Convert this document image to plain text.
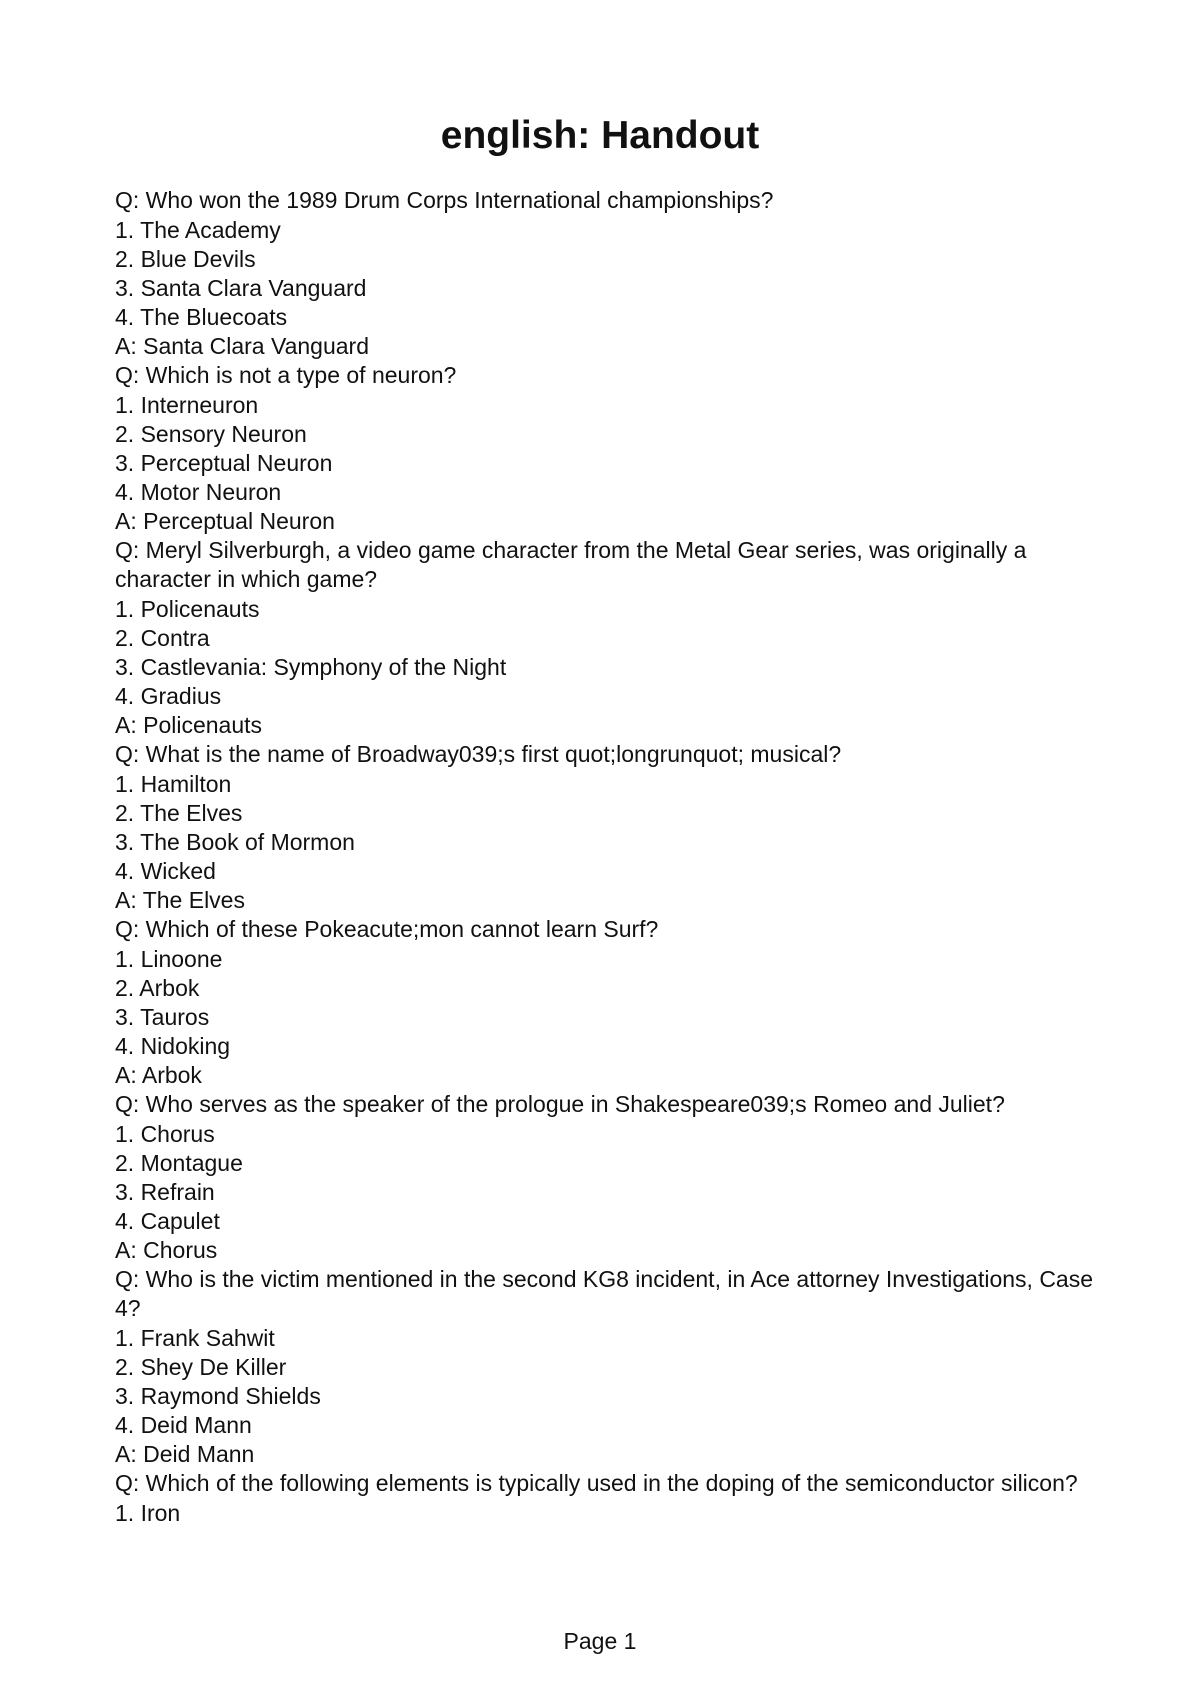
english: Handout
Q: Who won the 1989 Drum Corps International championships?
1. The Academy
2. Blue Devils
3. Santa Clara Vanguard
4. The Bluecoats
A: Santa Clara Vanguard
Q: Which is not a type of neuron?
1. Interneuron
2. Sensory Neuron
3. Perceptual Neuron
4. Motor Neuron
A: Perceptual Neuron
Q: Meryl Silverburgh, a video game character from the Metal Gear series, was originally a character in which game?
1. Policenauts
2. Contra
3. Castlevania: Symphony of the Night
4. Gradius
A: Policenauts
Q: What is the name of Broadway039;s first quot;longrunquot; musical?
1. Hamilton
2. The Elves
3. The Book of Mormon
4. Wicked
A: The Elves
Q: Which of these Pokeacute;mon cannot learn Surf?
1. Linoone
2. Arbok
3. Tauros
4. Nidoking
A: Arbok
Q: Who serves as the speaker of the prologue in Shakespeare039;s Romeo and Juliet?
1. Chorus
2. Montague
3. Refrain
4. Capulet
A: Chorus
Q: Who is the victim mentioned in the second KG8 incident, in Ace attorney Investigations, Case 4?
1. Frank Sahwit
2. Shey De Killer
3. Raymond Shields
4. Deid Mann
A: Deid Mann
Q: Which of the following elements is typically used in the doping of the semiconductor silicon?
1. Iron
Page 1
